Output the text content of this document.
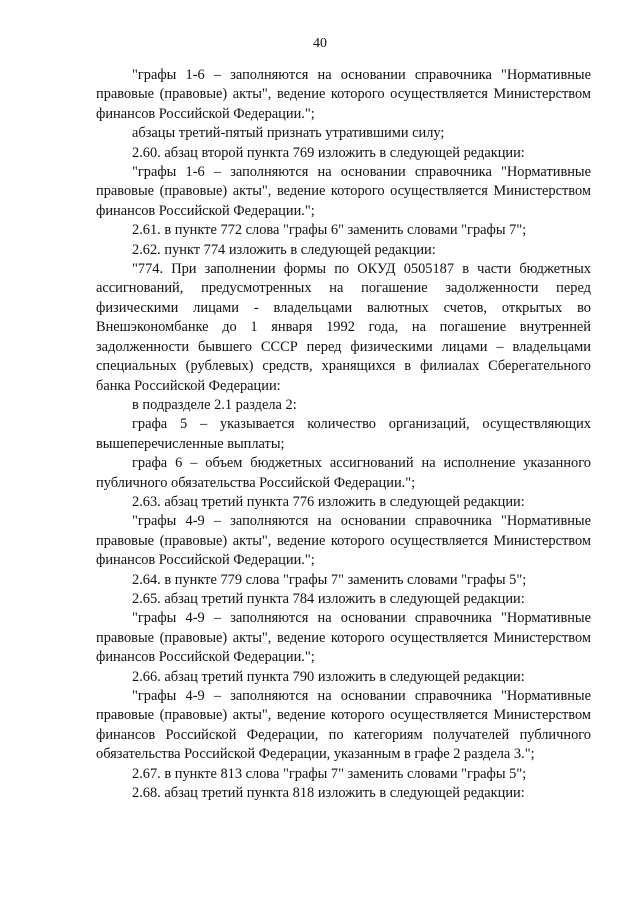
40

"графы 1-6 – заполняются на основании справочника "Нормативные правовые (правовые) акты", ведение которого осуществляется Министерством финансов Российской Федерации.";

абзацы третий-пятый признать утратившими силу;

2.60. абзац второй пункта 769 изложить в следующей редакции:

"графы 1-6 – заполняются на основании справочника "Нормативные правовые (правовые) акты", ведение которого осуществляется Министерством финансов Российской Федерации.";

2.61. в пункте 772 слова "графы 6" заменить словами "графы 7";

2.62. пункт 774 изложить в следующей редакции:

"774. При заполнении формы по ОКУД 0505187 в части бюджетных ассигнований, предусмотренных на погашение задолженности перед физическими лицами - владельцами валютных счетов, открытых во Внешэкономбанке до 1 января 1992 года, на погашение внутренней задолженности бывшего СССР перед физическими лицами – владельцами специальных (рублевых) средств, хранящихся в филиалах Сберегательного банка Российской Федерации:

в подразделе 2.1 раздела 2:

графа 5 – указывается количество организаций, осуществляющих вышеперечисленные выплаты;

графа 6 – объем бюджетных ассигнований на исполнение указанного публичного обязательства Российской Федерации.";

2.63. абзац третий пункта 776 изложить в следующей редакции:

"графы 4-9 – заполняются на основании справочника "Нормативные правовые (правовые) акты", ведение которого осуществляется Министерством финансов Российской Федерации.";

2.64. в пункте 779 слова "графы 7" заменить словами "графы 5";

2.65. абзац третий пункта 784 изложить в следующей редакции:

"графы 4-9 – заполняются на основании справочника "Нормативные правовые (правовые) акты", ведение которого осуществляется Министерством финансов Российской Федерации.";

2.66. абзац третий пункта 790 изложить в следующей редакции:

"графы 4-9 – заполняются на основании справочника "Нормативные правовые (правовые) акты", ведение которого осуществляется Министерством финансов Российской Федерации, по категориям получателей публичного обязательства Российской Федерации, указанным в графе 2 раздела 3.";

2.67. в пункте 813 слова "графы 7" заменить словами "графы 5";

2.68. абзац третий пункта 818 изложить в следующей редакции:
